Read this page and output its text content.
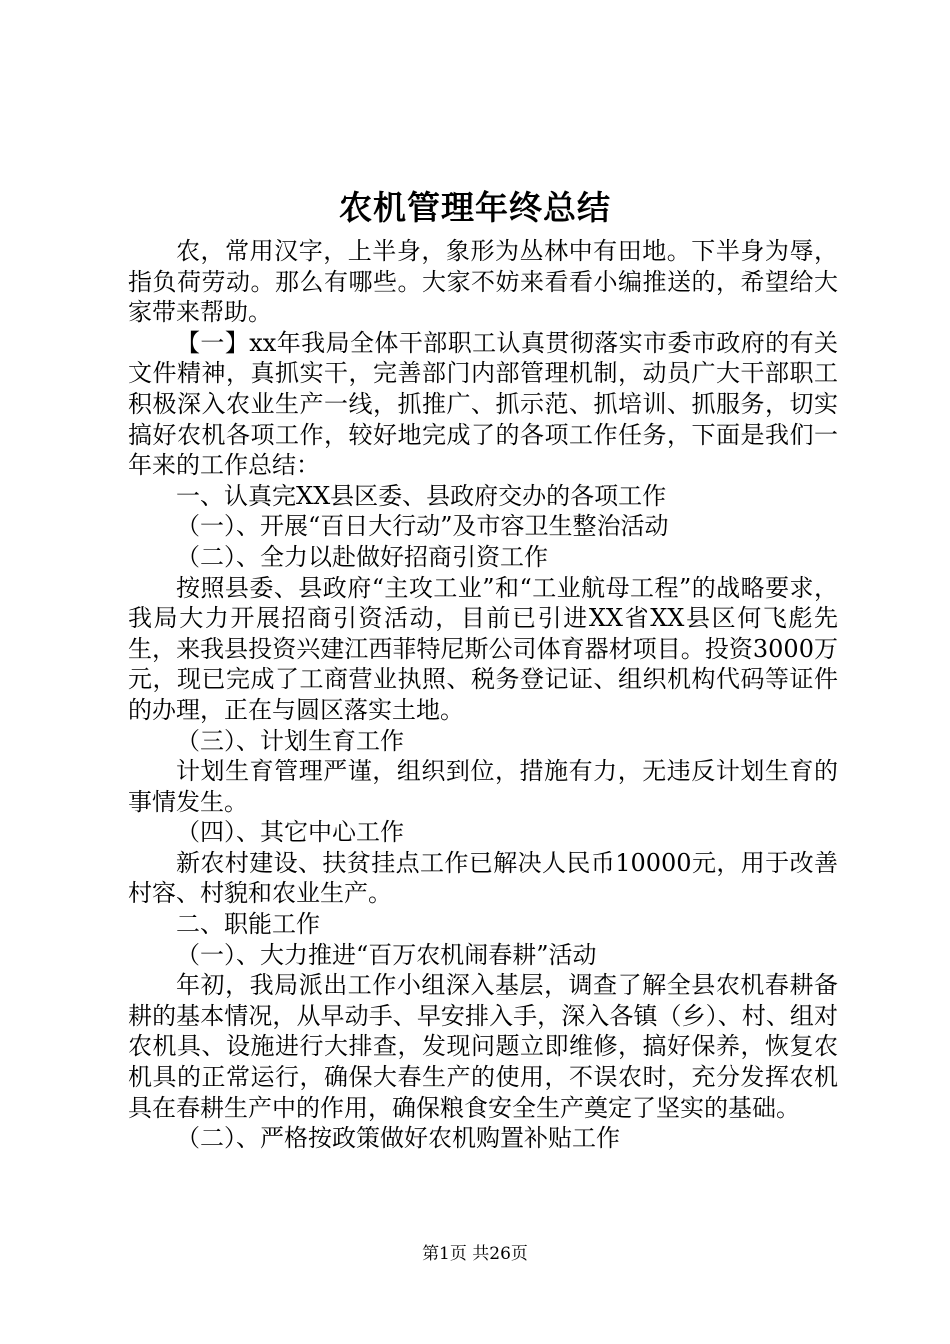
农机管理年终总结

农，常用汉字，上半身，象形为丛林中有田地。下半身为辱，指负荷劳动。那么有哪些。大家不妨来看看小编推送的，希望给大家带来帮助。

【一】xx年我局全体干部职工认真贯彻落实市委市政府的有关文件精神，真抓实干，完善部门内部管理机制，动员广大干部职工积极深入农业生产一线，抓推广、抓示范、抓培训、抓服务，切实搞好农机各项工作，较好地完成了的各项工作任务，下面是我们一年来的工作总结：

一、认真完XX县区委、县政府交办的各项工作

（一）、开展“百日大行动”及市容卫生整治活动

（二）、全力以赴做好招商引资工作

按照县委、县政府“主攻工业”和“工业航母工程”的战略要求，我局大力开展招商引资活动，目前已引进XX省XX县区何飞彪先生，来我县投资兴建江西菲特尼斯公司体育器材项目。投资3000万元，现已完成了工商营业执照、税务登记证、组织机构代码等证件的办理，正在与圆区落实土地。

（三）、计划生育工作

计划生育管理严谨，组织到位，措施有力，无违反计划生育的事情发生。

（四）、其它中心工作

新农村建设、扶贫挂点工作已解决人民币10000元，用于改善村容、村貌和农业生产。

二、职能工作

（一）、大力推进“百万农机闹春耕”活动

年初，我局派出工作小组深入基层，调查了解全县农机春耕备耕的基本情况，从早动手、早安排入手，深入各镇（乡）、村、组对农机具、设施进行大排查，发现问题立即维修，搞好保养，恢复农机具的正常运行，确保大春生产的使用，不误农时，充分发挥农机具在春耕生产中的作用，确保粮食安全生产奠定了坚实的基础。

（二）、严格按政策做好农机购置补贴工作

第1页 共26页
